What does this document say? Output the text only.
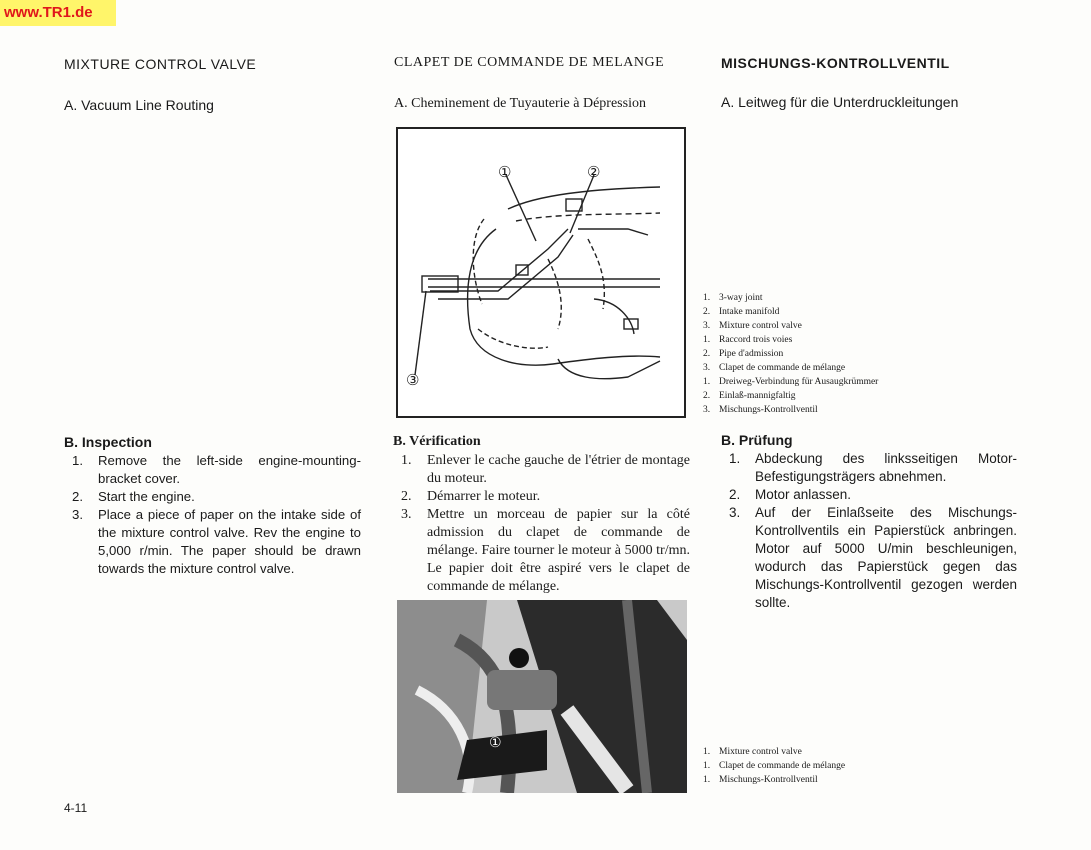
www.TR1.de
MIXTURE CONTROL VALVE
A. Vacuum Line Routing
B. Inspection
1. Remove the left-side engine-mounting-bracket cover.
2. Start the engine.
3. Place a piece of paper on the intake side of the mixture control valve. Rev the engine to 5,000 r/min. The paper should be drawn towards the mixture control valve.
CLAPET DE COMMANDE DE MELANGE
A. Cheminement de Tuyauterie à Dépression
B. Vérification
1. Enlever le cache gauche de l'étrier de montage du moteur.
2. Démarrer le moteur.
3. Mettre un morceau de papier sur la côté admission du clapet de commande de mélange. Faire tourner le moteur à 5000 tr/mn. Le papier doit être aspiré vers le clapet de commande de mélange.
MISCHUNGS-KONTROLLVENTIL
A. Leitweg für die Unterdruckleitungen
B. Prüfung
1. Abdeckung des linksseitigen Motor-Befestigungsträgers abnehmen.
2. Motor anlassen.
3. Auf der Einlaßseite des Mischungs-Kontrollventils ein Papierstück anbringen. Motor auf 5000 U/min beschleunigen, wodurch das Papierstück gegen das Mischungs-Kontrollventil gezogen werden sollte.
①	②
③
1. 3-way joint
2. Intake manifold
3. Mixture control valve
1. Raccord trois voies
2. Pipe d'admission
3. Clapet de commande de mélange
1. Dreiweg-Verbindung für Ausaugkrümmer
2. Einlaß-mannigfaltig
3. Mischungs-Kontrollventil
①
1. Mixture control valve
1. Clapet de commande de mélange
1. Mischungs-Kontrollventil
4-11
